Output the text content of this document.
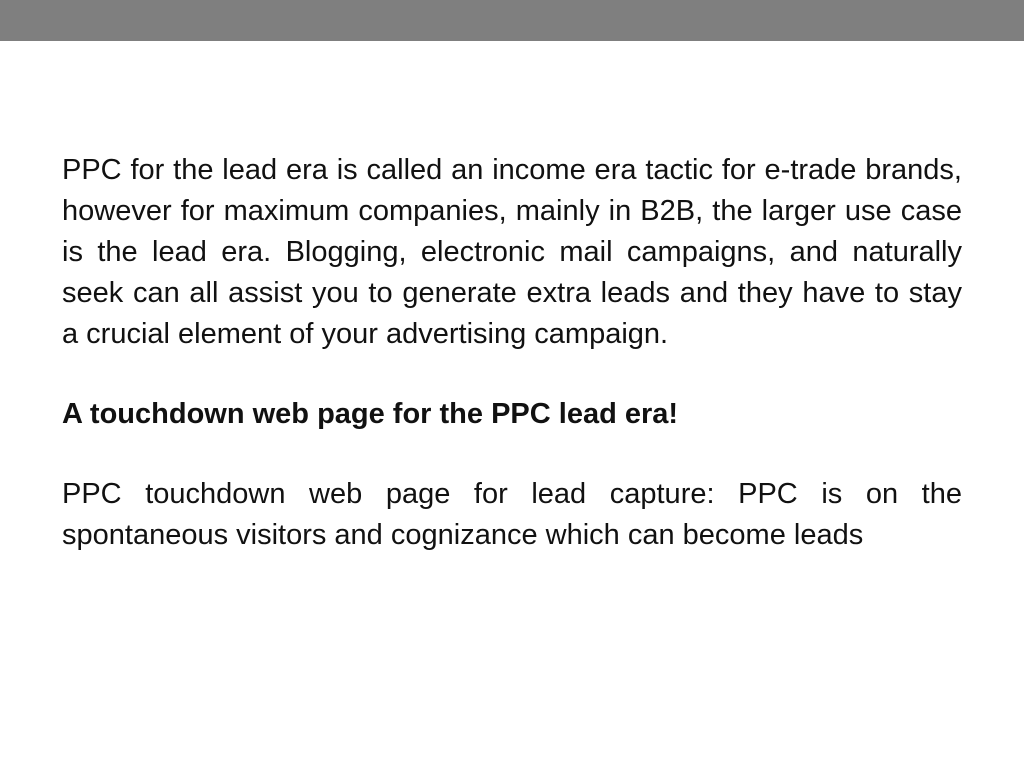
PPC for the lead era is called an income era tactic for e-trade brands, however for maximum companies, mainly in B2B, the larger use case is the lead era. Blogging, electronic mail campaigns, and naturally seek can all assist you to generate extra leads and they have to stay a crucial element of your advertising campaign.

A touchdown web page for the PPC lead era!

PPC touchdown web page for lead capture: PPC is on the spontaneous visitors and cognizance which can become leads
